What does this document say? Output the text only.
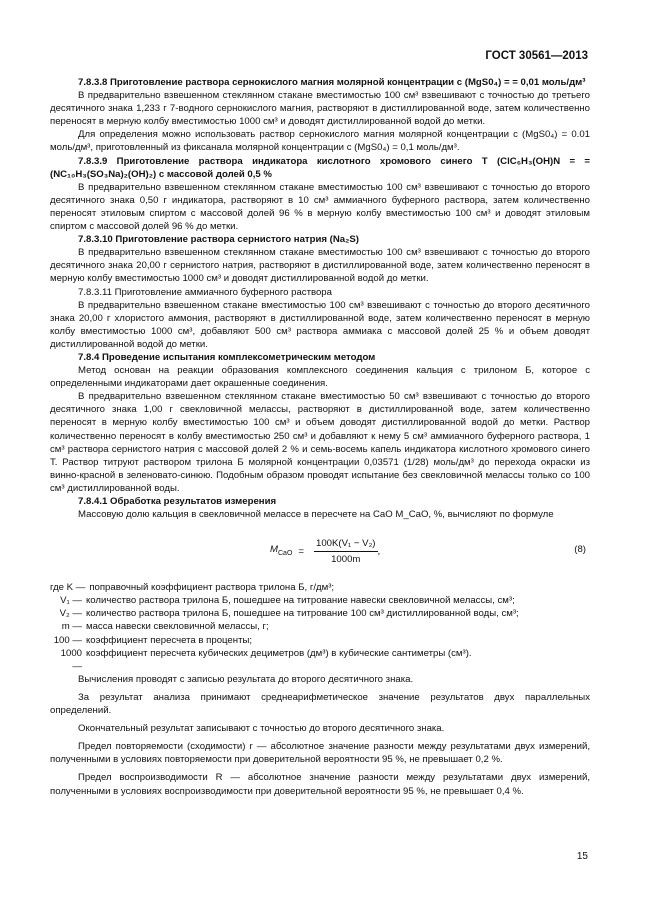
ГОСТ 30561—2013

7.8.3.8 Приготовление раствора сернокислого магния молярной концентрации c (MgS0₄) = = 0,01 моль/дм³

В предварительно взвешенном стеклянном стакане вместимостью 100 см³ взвешивают с точностью до третьего десятичного знака 1,233 г 7-водного сернокислого магния, растворяют в дистиллированной воде, затем количественно переносят в мерную колбу вместимостью 1000 см³ и доводят дистиллированной водой до метки.

Для определения можно использовать раствор сернокислого магния молярной концентрации c (MgS0₄) = 0.01 моль/дм³, приготовленный из фиксанала молярной концентрации c (MgS0₄) = 0,1 моль/дм³.

7.8.3.9 Приготовление раствора индикатора кислотного хромового синего Т (ClC₆H₃(OH)N = = (NC₁₀H₃(SO₃Na)₂(OH)₂) с массовой долей 0,5 %

В предварительно взвешенном стеклянном стакане вместимостью 100 см³ взвешивают с точностью до второго десятичного знака 0,50 г индикатора, растворяют в 10 см³ аммиачного буферного раствора, затем количественно переносят этиловым спиртом с массовой долей 96 % в мерную колбу вместимостью 100 см³ и доводят этиловым спиртом с массовой долей 96 % до метки.

7.8.3.10 Приготовление раствора сернистого натрия (Na₂S)

В предварительно взвешенном стеклянном стакане вместимостью 100 см³ взвешивают с точностью до второго десятичного знака 20,00 г сернистого натрия, растворяют в дистиллированной воде, затем количественно переносят в мерную колбу вместимостью 1000 см³ и доводят дистиллированной водой до метки.

7.8.3.11 Приготовление аммиачного буферного раствора

В предварительно взвешенном стакане вместимостью 100 см³ взвешивают с точностью до второго десятичного знака 20,00 г хлористого аммония, растворяют в дистиллированной воде, затем количественно переносят в мерную колбу вместимостью 1000 см³, добавляют 500 см³ раствора аммиака с массовой долей 25 % и объем доводят дистиллированной водой до метки.

7.8.4 Проведение испытания комплексометрическим методом

Метод основан на реакции образования комплексного соединения кальция с трилоном Б, которое с определенными индикаторами дает окрашенные соединения.

В предварительно взвешенном стеклянном стакане вместимостью 50 см³ взвешивают с точностью до второго десятичного знака 1,00 г свекловичной мелассы, растворяют в дистиллированной воде, затем количественно переносят в мерную колбу вместимостью 100 см³ и объем доводят дистиллированной водой до метки. Раствор количественно переносят в колбу вместимостью 250 см³ и добавляют к нему 5 см³ аммиачного буферного раствора, 1 см³ раствора сернистого натрия с массовой долей 2 % и семь-восемь капель индикатора кислотного хромового синего Т. Раствор титруют раствором трилона Б молярной концентрации 0,03571 (1/28) моль/дм³ до перехода окраски из винно-красной в зеленовато-синюю. Подобным образом проводят испытание без свекловичной мелассы только со 100 см³ дистиллированной воды.

7.8.4.1 Обработка результатов измерения

Массовую долю кальция в свекловичной мелассе в пересчете на CaO M_CaO, %, вычисляют по формуле

$M_{CaO} = \frac{\text{100K(V₁ − V₂)}}{1000m}$ ,	(8)
где K — поправочный коэффициент раствора трилона Б, г/дм³;
V₁ — количество раствора трилона Б, пошедшее на титрование навески свекловичной мелассы, см³;
V₂ — количество раствора трилона Б, пошедшее на титрование 100 см³ дистиллированной воды, см³;
m — масса навески свекловичной мелассы, г;
100 — коэффициент пересчета в проценты;
1000 —
коэффициент пересчета кубических дециметров (дм³) в кубические сантиметры (см³).

Вычисления проводят с записью результата до второго десятичного знака.

За результат анализа принимают среднеарифметическое значение результатов двух параллельных определений.

Окончательный результат записывают с точностью до второго десятичного знака.

Предел повторяемости (сходимости) r — абсолютное значение разности между результатами двух измерений, полученными в условиях повторяемости при доверительной вероятности 95 %, не превышает 0,2 %.

Предел воспроизводимости R — абсолютное значение разности между результатами двух измерений, полученными в условиях воспроизводимости при доверительной вероятности 95 %, не превышает 0,4 %.

15
